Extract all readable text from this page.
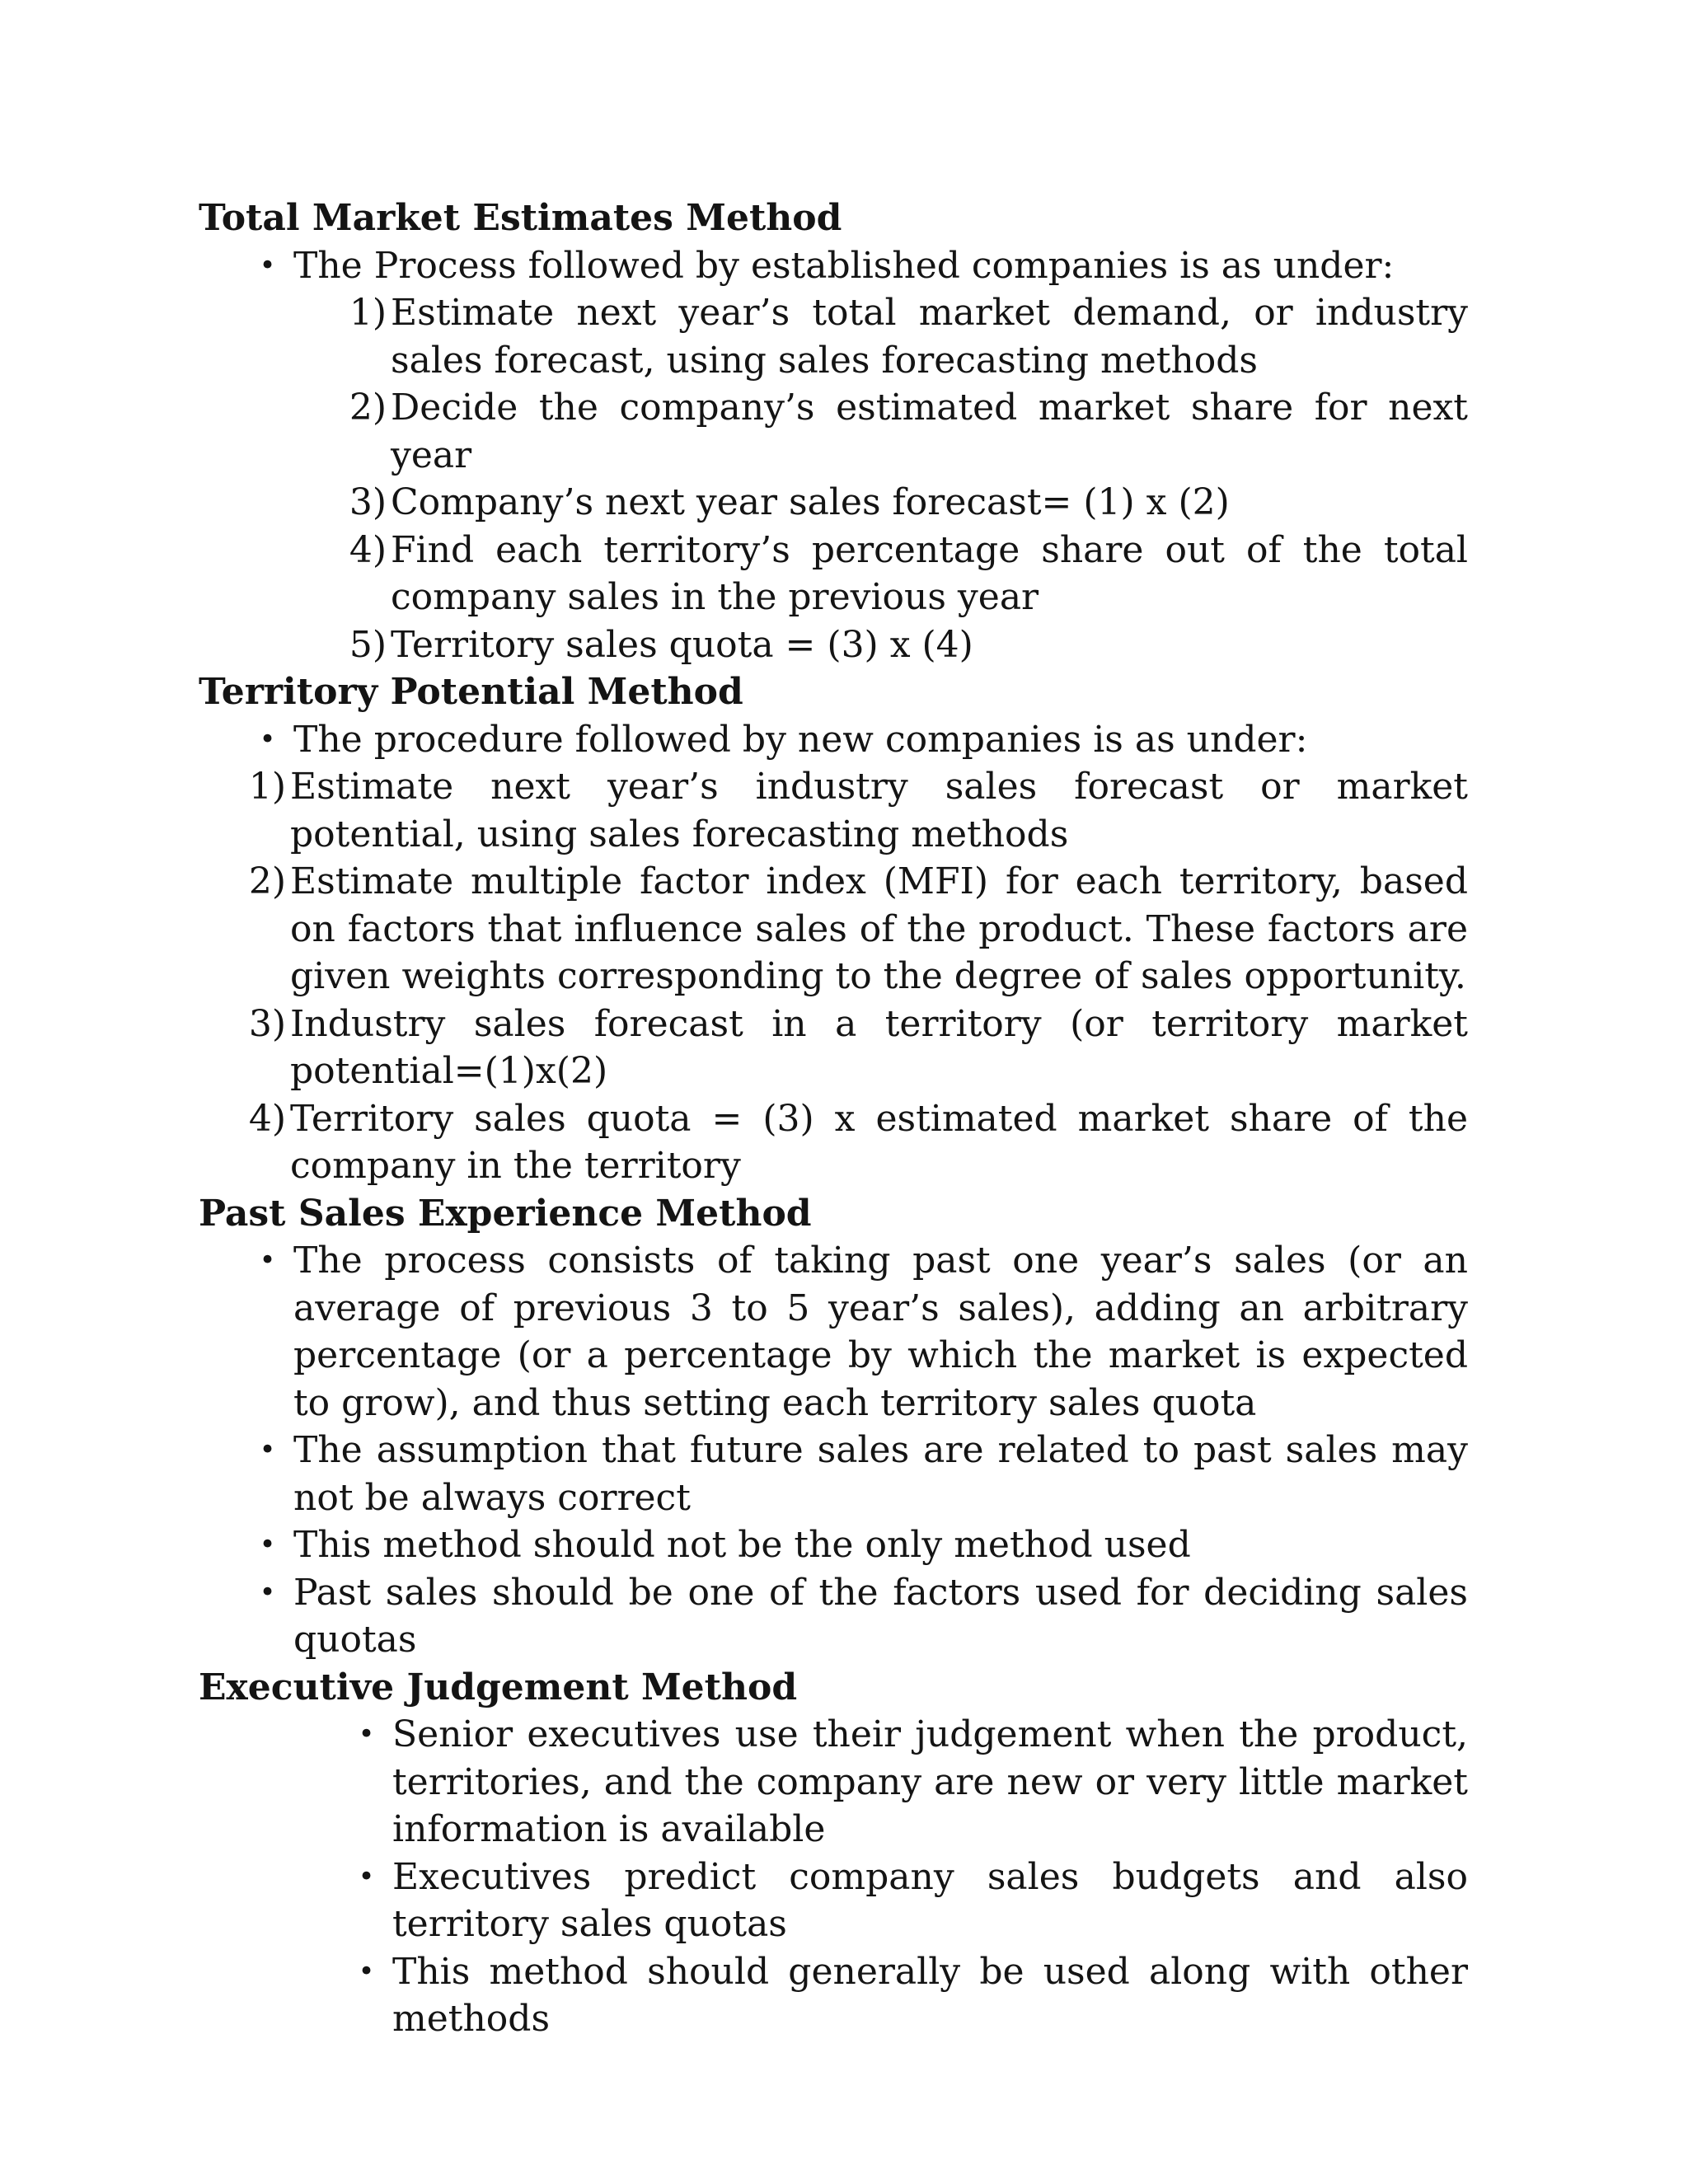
Total Market Estimates Method

• The Process followed by established companies is as under:
1) Estimate next year’s total market demand, or industry sales forecast, using sales forecasting methods
2) Decide the company’s estimated market share for next year
3) Company’s next year sales forecast= (1) x (2)
4) Find each territory’s percentage share out of the total company sales in the previous year
5) Territory sales quota = (3) x (4)

Territory Potential Method

• The procedure followed by new companies is as under:
1) Estimate next year’s industry sales forecast or market potential, using sales forecasting methods
2) Estimate multiple factor index (MFI) for each territory, based on factors that influence sales of the product. These factors are given weights corresponding to the degree of sales opportunity.
3) Industry sales forecast in a territory (or territory market potential=(1)x(2)
4) Territory sales quota = (3) x estimated market share of the company in the territory

Past Sales Experience Method

• The process consists of taking past one year’s sales (or an average of previous 3 to 5 year’s sales), adding an arbitrary percentage (or a percentage by which the market is expected to grow), and thus setting each territory sales quota
• The assumption that future sales are related to past sales may not be always correct
• This method should not be the only method used
• Past sales should be one of the factors used for deciding sales quotas

Executive Judgement Method

• Senior executives use their judgement when the product, territories, and the company are new or very little market information is available
• Executives predict company sales budgets and also territory sales quotas
• This method should generally be used along with other methods
